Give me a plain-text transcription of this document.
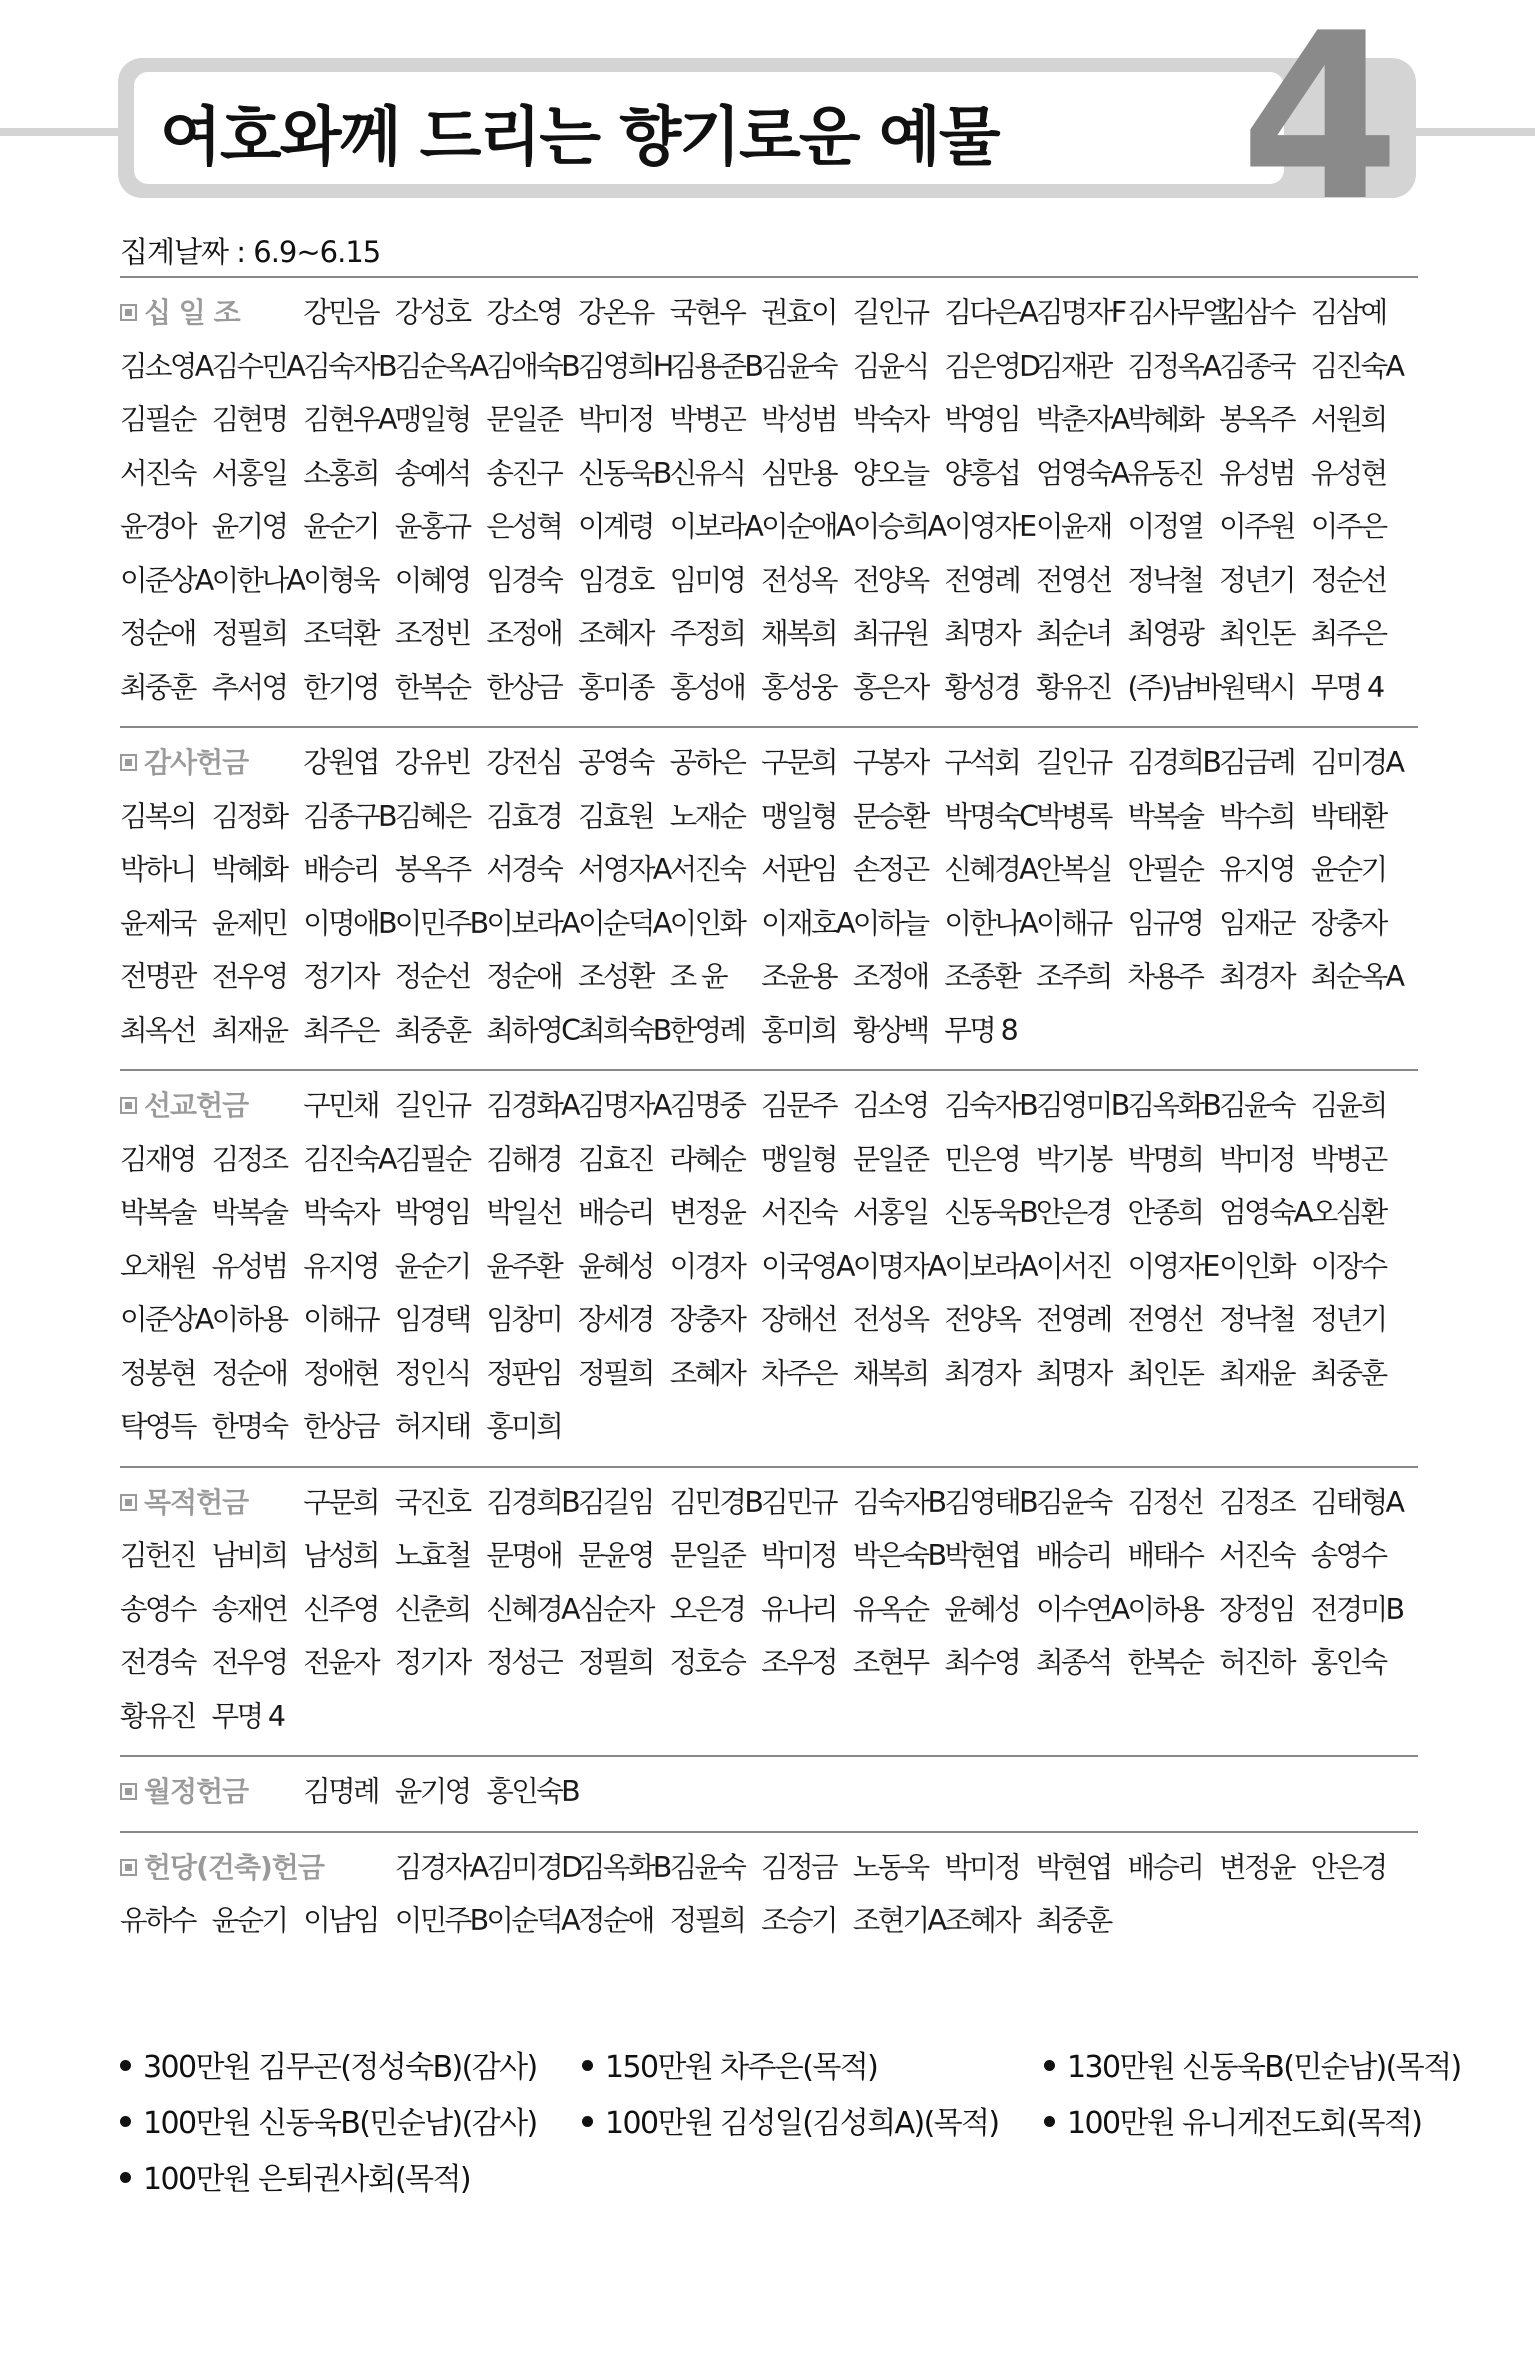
여호와께 드리는 향기로운 예물 4
집계날짜 : 6.9~6.15
십 일 조	강민음 강성호 강소영 강온유 국현우 권효이 길인규 김다은A 김명자F 김사무엘
김삼수 김삼예
김소영A 김수민A 김숙자B 김순옥A 김애숙B 김영희H
김용준B 김윤숙 김윤식 김은영D
김재관 김정옥A 김종국 김진숙A
김필순 김현명 김현우A 맹일형 문일준 박미정 박병곤 박성범 박숙자 박영임 박춘자A 박혜화 봉옥주 서원희
서진숙 서홍일 소홍희 송예석 송진구 신동욱B 신유식 심만용 양오늘 양흥섭 엄영숙A 유동진 유성범 유성현
윤경아 윤기영 윤순기 윤홍규 은성혁 이계령 이보라A 이순애A 이승희A 이영자E 이윤재 이정열 이주원 이주은
이준상A 이한나A 이형욱 이혜영 임경숙 임경호 임미영 전성옥 전양옥 전영례 전영선 정낙철 정년기 정순선
정순애 정필희 조덕환 조정빈 조정애 조혜자 주정희 채복희 최규원 최명자 최순녀 최영광 최인돈 최주은
최중훈 추서영 한기영 한복순 한상금 홍미종 홍성애 홍성웅 홍은자 황성경 황유진 (주)남바원택시 무명 4
감사헌금	강원엽 강유빈 강전심 공영숙 공하은 구문희 구봉자 구석회 길인규 김경희B 김금례 김미경A
김복의 김정화 김종구B 김혜은 김효경 김효원 노재순 맹일형 문승환 박명숙C 박병록 박복술 박수희 박태환
박하니 박혜화 배승리 봉옥주 서경숙 서영자A 서진숙 서판임 손정곤 신혜경A 안복실 안필순 유지영 윤순기
윤제국 윤제민 이명애B 이민주B 이보라A 이순덕A 이인화 이재호A 이하늘 이한나A 이해규 임규영 임재군 장충자
전명관 전우영 정기자 정순선 정순애 조성환 조 윤	조윤용 조정애 조종환 조주희 차용주 최경자 최순옥A
최옥선 최재윤 최주은 최중훈 최하영C 최희숙B 한영례 홍미희 황상백 무명 8
선교헌금	구민채 길인규 김경화A 김명자A 김명중 김문주 김소영 김숙자B 김영미B 김옥화B 김윤숙 김윤희
김재영 김정조 김진숙A 김필순 김해경 김효진 라혜순 맹일형 문일준 민은영 박기봉 박명희 박미정 박병곤
박복술 박복술 박숙자 박영임 박일선 배승리 변정윤 서진숙 서홍일 신동욱B 안은경 안종희 엄영숙A 오심환
오채원 유성범 유지영 윤순기 윤주환 윤혜성 이경자 이국영A 이명자A 이보라A 이서진 이영자E 이인화 이장수
이준상A 이하용 이해규 임경택 임창미 장세경 장충자 장해선 전성옥 전양옥 전영례 전영선 정낙철 정년기
정봉현 정순애 정애현 정인식 정판임 정필희 조혜자 차주은 채복희 최경자 최명자 최인돈 최재윤 최중훈
탁영득 한명숙 한상금 허지태 홍미희
목적헌금	구문희 국진호 김경희B 김길임 김민경B 김민규 김숙자B 김영태B 김윤숙 김정선 김정조 김태형A
김헌진 남비희 남성희 노효철 문명애 문윤영 문일준 박미정 박은숙B 박현엽 배승리 배태수 서진숙 송영수
송영수 송재연 신주영 신춘희 신혜경A 심순자 오은경 유나리 유옥순 윤혜성 이수연A 이하용 장정임 전경미B
전경숙 전우영 전윤자 정기자 정성근 정필희 정호승 조우정 조현무 최수영 최종석 한복순 허진하 홍인숙
황유진 무명 4
월정헌금	김명례 윤기영 홍인숙B
헌당(건축)헌금	김경자A 김미경D
김옥화B 김윤숙 김정금 노동욱 박미정 박현엽 배승리 변정윤 안은경
유하수 윤순기 이남임 이민주B 이순덕A 정순애 정필희 조승기 조현기A 조혜자 최중훈
300만원 김무곤(정성숙B)(감사)	150만원 차주은(목적)	130만원 신동욱B(민순남)(목적)
100만원 신동욱B(민순남)(감사)	100만원 김성일(김성희A)(목적)	100만원 유니게전도회(목적)
100만원 은퇴권사회(목적)
